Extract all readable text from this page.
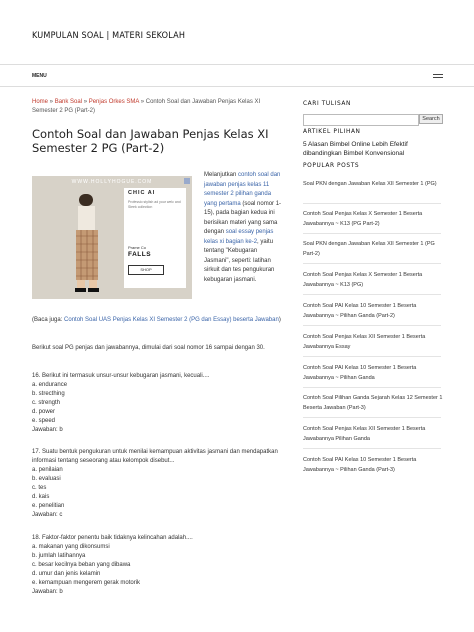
KUMPULAN SOAL | MATERI SEKOLAH
MENU
Home » Bank Soal » Penjas Orkes SMA » Contoh Soal dan Jawaban Penjas Kelas XI Semester 2 PG (Part-2)
Contoh Soal dan Jawaban Penjas Kelas XI Semester 2 PG (Part-2)
WWW.HOLLYHOGUE.COM
CHIC AI
Professio stylish ad your welc and Sleek collection
Prame Co
FALLS
SHOP
Melanjutkan contoh soal dan jawaban penjas kelas 11 semester 2 pilihan ganda yang pertama (soal nomor 1-15), pada bagian kedua ini berisikan materi yang sama dengan soal essay penjas kelas xi bagian ke-2, yaitu tentang "Kebugaran Jasmani", seperti: latihan sirkuit dan tes pengukuran kebugaran jasmani.
(Baca juga: Contoh Soal UAS Penjas Kelas XI Semester 2 (PG dan Essay) beserta Jawaban)
Berikut soal PG penjas dan jawabannya, dimulai dari soal nomor 16 sampai dengan 30.
16. Berikut ini termasuk unsur-unsur kebugaran jasmani, kecuali....
a. endurance
b. strecthing
c. strength
d. power
e. speed
Jawaban: b
17. Suatu bentuk pengukuran untuk menilai kemampuan aktivitas jasmani dan mendapatkan informasi tentang seseorang atau kelompok disebut...
a. penilaian
b. evaluasi
c. tes
d. kais
e. penelitian
Jawaban: c
18. Faktor-faktor penentu baik tidaknya kelincahan adalah....
a. makanan yang dikonsumsi
b. jumlah latihannya
c. besar kecilnya beban yang dibawa
d. umur dan jenis kelamin
e. kemampuan mengerem gerak motorik
Jawaban: b
CARI TULISAN
Search
ARTIKEL PILIHAN
5 Alasan Bimbel Online Lebih Efektif dibandingkan Bimbel Konvensional
POPULAR POSTS
Soal PKN dengan Jawaban Kelas XII Semester 1 (PG)
Contoh Soal Penjas Kelas X Semester 1 Beserta Jawabannya ~ K13 (PG Part-2)
Soal PKN dengan Jawaban Kelas XII Semester 1 (PG Part-2)
Contoh Soal Penjas Kelas X Semester 1 Beserta Jawabannya ~ K13 (PG)
Contoh Soal PAI Kelas 10 Semester 1 Beserta Jawabannya ~ Pilihan Ganda (Part-2)
Contoh Soal Penjas Kelas XII Semester 1 Beserta Jawabannya Essay
Contoh Soal PAI Kelas 10 Semester 1 Beserta Jawabannya ~ Pilihan Ganda
Contoh Soal Pilihan Ganda Sejarah Kelas 12 Semester 1 Beserta Jawaban (Part-3)
Contoh Soal Penjas Kelas XII Semester 1 Beserta Jawabannya Pilihan Ganda
Contoh Soal PAI Kelas 10 Semester 1 Beserta Jawabannya ~ Pilihan Ganda (Part-3)
